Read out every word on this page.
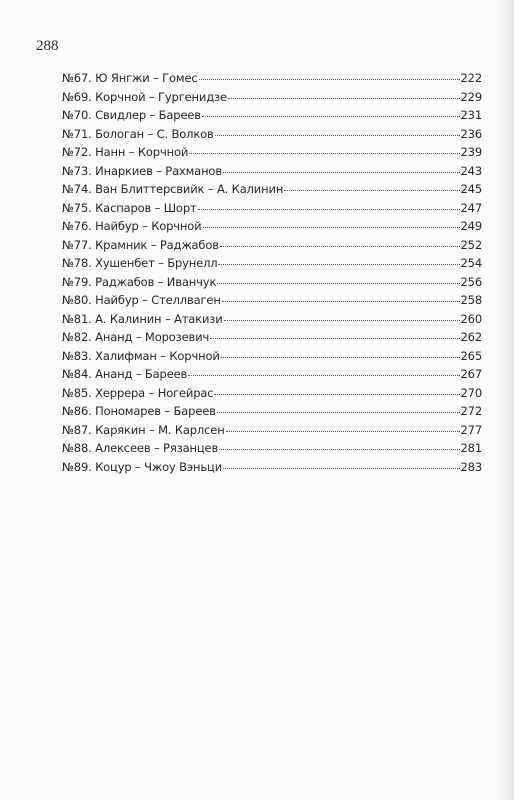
288
№67. Ю Янгжи – Гомес	222
№69. Корчной – Гургенидзе	229
№70. Свидлер – Бареев	231
№71. Бологан – С. Волков	236
№72. Нанн – Корчной	239
№73. Инаркиев – Рахманов	243
№74. Ван Блиттерсвийк – А. Калинин	245
№75. Каспаров – Шорт	247
№76. Найбур – Корчной	249
№77. Крамник – Раджабов	252
№78. Хушенбет – Брунелл	254
№79. Раджабов – Иванчук	256
№80. Найбур – Стеллваген	258
№81. А. Калинин – Атакизи	260
№82. Ананд – Морозевич	262
№83. Халифман – Корчной	265
№84. Ананд – Бареев	267
№85. Херрера – Ногейрас	270
№86. Пономарев – Бареев	272
№87. Карякин – М. Карлсен	277
№88. Алексеев – Рязанцев	281
№89. Коцур – Чжоу Вэньци	283
